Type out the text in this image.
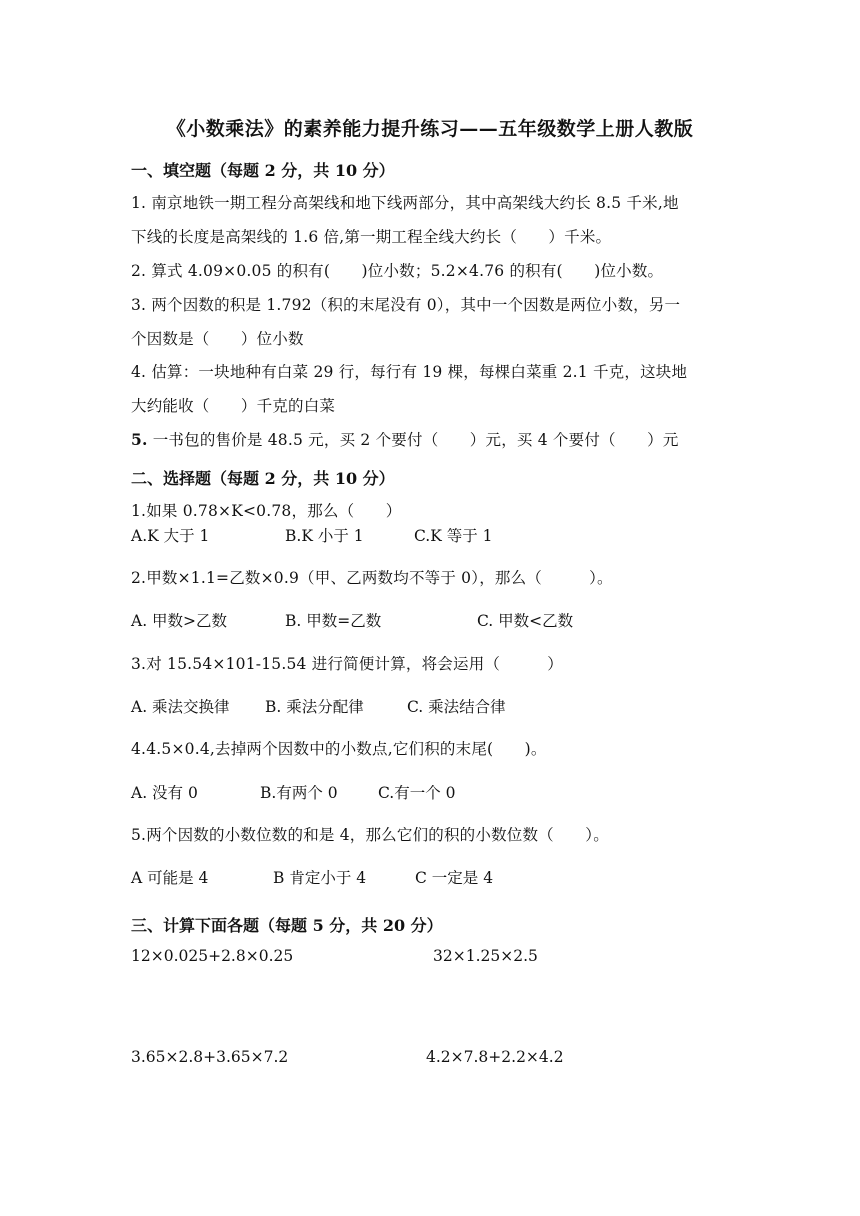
《小数乘法》的素养能力提升练习——五年级数学上册人教版
一、填空题（每题 2 分，共 10 分）
1. 南京地铁一期工程分高架线和地下线两部分，其中高架线大约长 8.5 千米,地
下线的长度是高架线的 1.6 倍,第一期工程全线大约长（　　）千米。
2. 算式 4.09×0.05 的积有(　　)位小数；5.2×4.76 的积有(　　)位小数。
3. 两个因数的积是 1.792（积的末尾没有 0），其中一个因数是两位小数，另一
个因数是（　　）位小数
4. 估算：一块地种有白菜 29 行，每行有 19 棵，每棵白菜重 2.1 千克，这块地
大约能收（　　）千克的白菜
5. 一书包的售价是 48.5 元，买 2 个要付（　　）元，买 4 个要付（　　）元
二、选择题（每题 2 分，共 10 分）
1.如果 0.78×K<0.78，那么（　　）
A.K 大于 1	B.K 小于 1	C.K 等于 1
2.甲数×1.1=乙数×0.9（甲、乙两数均不等于 0），那么（　　　）。
A. 甲数>乙数	B. 甲数=乙数	C. 甲数<乙数
3.对 15.54×101-15.54 进行简便计算，将会运用（　　　）
A. 乘法交换律 B. 乘法分配律	C. 乘法结合律
4.4.5×0.4,去掉两个因数中的小数点,它们积的末尾(　　)。
A. 没有 0	B.有两个 0	C.有一个 0
5.两个因数的小数位数的和是 4，那么它们的积的小数位数（　　）。
A 可能是 4	B 肯定小于 4	C 一定是 4
三、计算下面各题（每题 5 分，共 20 分）
12×0.025+2.8×0.25	32×1.25×2.5
3.65×2.8+3.65×7.2	4.2×7.8+2.2×4.2
